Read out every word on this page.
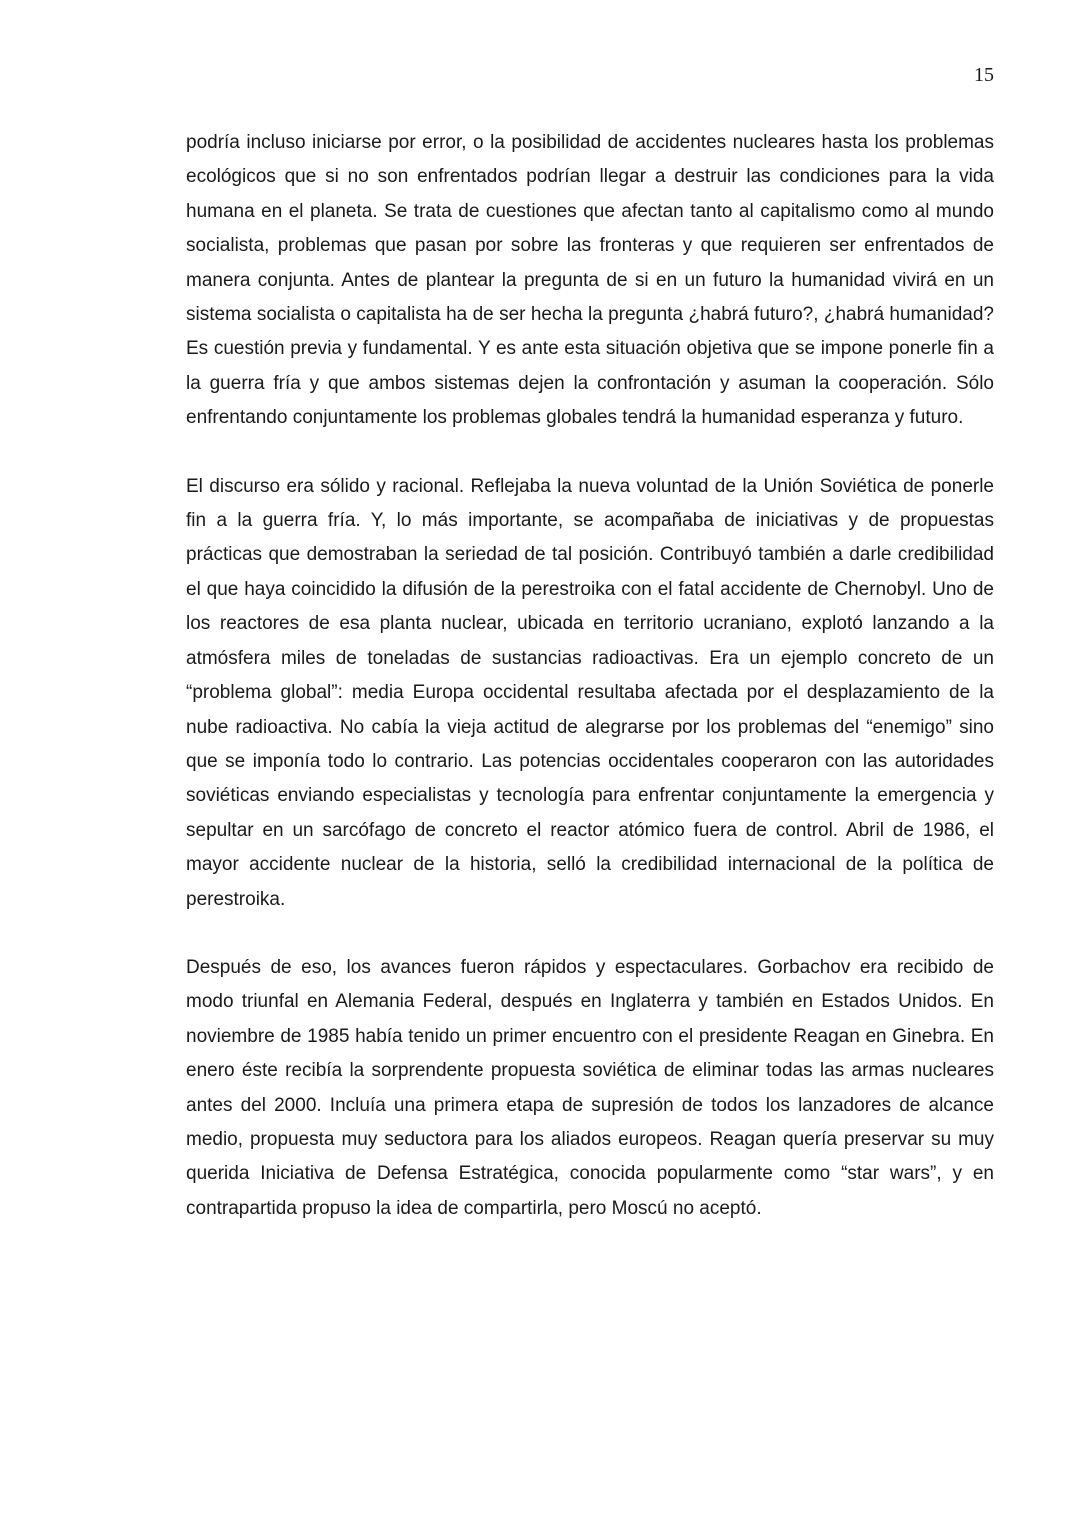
15

podría incluso iniciarse por error, o la posibilidad de accidentes nucleares hasta los problemas ecológicos que si no son enfrentados podrían llegar a destruir las condiciones para la vida humana en el planeta. Se trata de cuestiones que afectan tanto al capitalismo como al mundo socialista, problemas que pasan por sobre las fronteras y que requieren ser enfrentados de manera conjunta. Antes de plantear la pregunta de si en un futuro la humanidad vivirá en un sistema socialista o capitalista ha de ser hecha la pregunta ¿habrá futuro?, ¿habrá humanidad? Es cuestión previa y fundamental. Y es ante esta situación objetiva que se impone ponerle fin a la guerra fría y que ambos sistemas dejen la confrontación y asuman la cooperación. Sólo enfrentando conjuntamente los problemas globales tendrá la humanidad esperanza y futuro.

El discurso era sólido y racional. Reflejaba la nueva voluntad de la Unión Soviética de ponerle fin a la guerra fría. Y, lo más importante, se acompañaba de iniciativas y de propuestas prácticas que demostraban la seriedad de tal posición. Contribuyó también a darle credibilidad el que haya coincidido la difusión de la perestroika con el fatal accidente de Chernobyl. Uno de los reactores de esa planta nuclear, ubicada en territorio ucraniano, explotó lanzando a la atmósfera miles de toneladas de sustancias radioactivas. Era un ejemplo concreto de un “problema global”: media Europa occidental resultaba afectada por el desplazamiento de la nube radioactiva. No cabía la vieja actitud de alegrarse por los problemas del “enemigo” sino que se imponía todo lo contrario. Las potencias occidentales cooperaron con las autoridades soviéticas enviando especialistas y tecnología para enfrentar conjuntamente la emergencia y sepultar en un sarcófago de concreto el reactor atómico fuera de control. Abril de 1986, el mayor accidente nuclear de la historia, selló la credibilidad internacional de la política de perestroika.

Después de eso, los avances fueron rápidos y espectaculares. Gorbachov era recibido de modo triunfal en Alemania Federal, después en Inglaterra y también en Estados Unidos. En noviembre de 1985 había tenido un primer encuentro con el presidente Reagan en Ginebra. En enero éste recibía la sorprendente propuesta soviética de eliminar todas las armas nucleares antes del 2000. Incluía una primera etapa de supresión de todos los lanzadores de alcance medio, propuesta muy seductora para los aliados europeos. Reagan quería preservar su muy querida Iniciativa de Defensa Estratégica, conocida popularmente como “star wars”, y en contrapartida propuso la idea de compartirla, pero Moscú no aceptó.
